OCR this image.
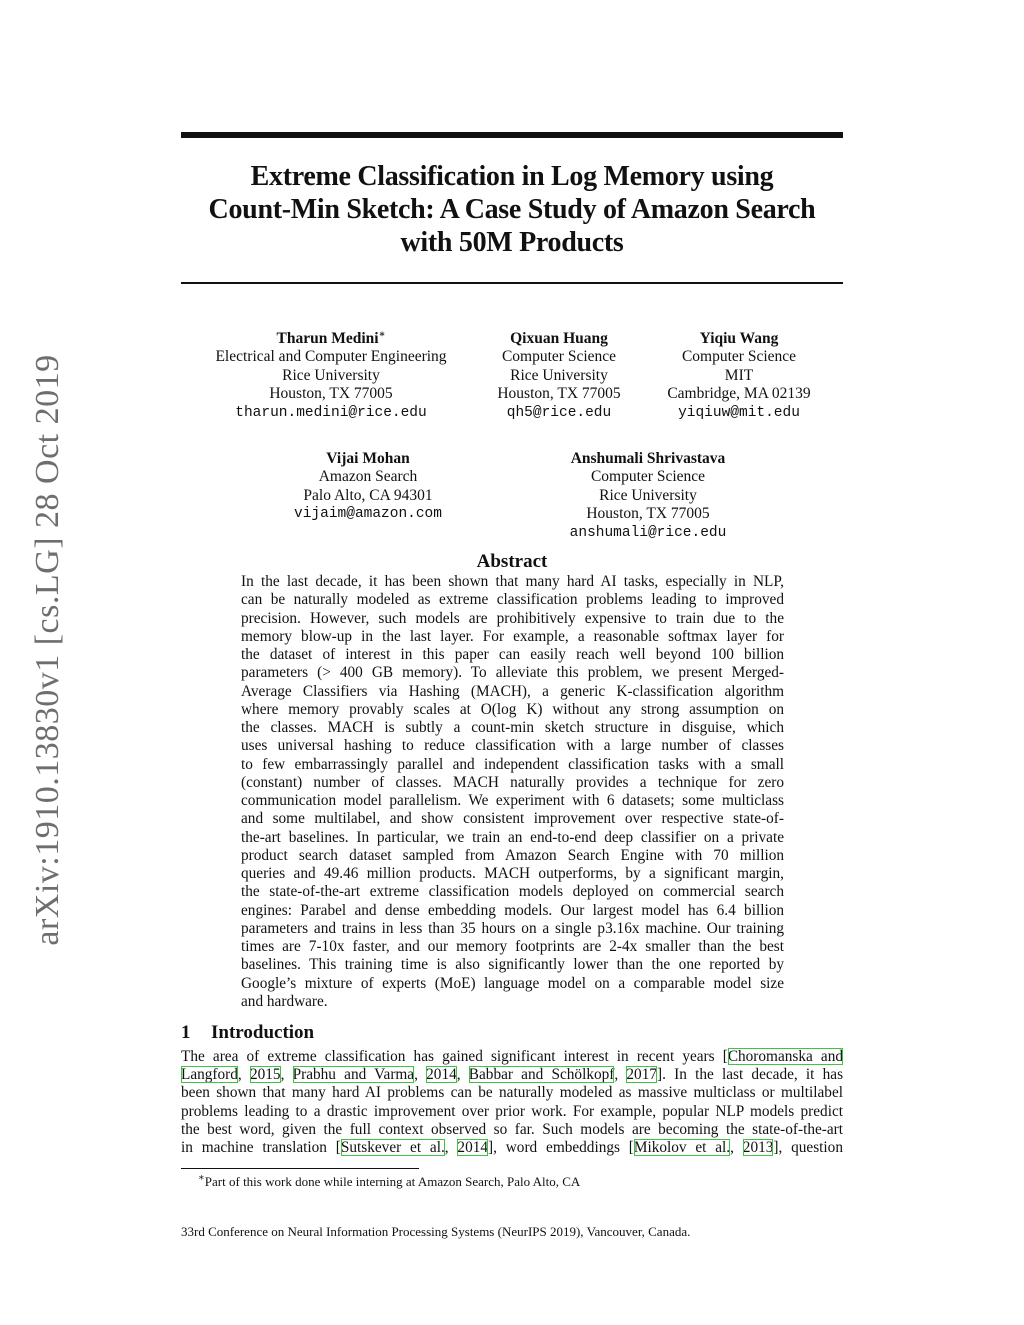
arXiv:1910.13830v1 [cs.LG] 28 Oct 2019
Extreme Classification in Log Memory using
Count-Min Sketch: A Case Study of Amazon Search
with 50M Products
Tharun Medini∗
Electrical and Computer Engineering
Rice University
Houston, TX 77005
tharun.medini@rice.edu
Qixuan Huang
Computer Science
Rice University
Houston, TX 77005
qh5@rice.edu
Yiqiu Wang
Computer Science
MIT
Cambridge, MA 02139
yiqiuw@mit.edu
Vijai Mohan
Amazon Search
Palo Alto, CA 94301
vijaim@amazon.com
Anshumali Shrivastava
Computer Science
Rice University
Houston, TX 77005
anshumali@rice.edu
Abstract
In the last decade, it has been shown that many hard AI tasks, especially in NLP,
can be naturally modeled as extreme classification problems leading to improved
precision. However, such models are prohibitively expensive to train due to the
memory blow-up in the last layer. For example, a reasonable softmax layer for
the dataset of interest in this paper can easily reach well beyond 100 billion
parameters (> 400 GB memory). To alleviate this problem, we present Merged-
Average Classifiers via Hashing (MACH), a generic K-classification algorithm
where memory provably scales at O(log K) without any strong assumption on
the classes. MACH is subtly a count-min sketch structure in disguise, which
uses universal hashing to reduce classification with a large number of classes
to few embarrassingly parallel and independent classification tasks with a small
(constant) number of classes. MACH naturally provides a technique for zero
communication model parallelism. We experiment with 6 datasets; some multiclass
and some multilabel, and show consistent improvement over respective state-of-
the-art baselines. In particular, we train an end-to-end deep classifier on a private
product search dataset sampled from Amazon Search Engine with 70 million
queries and 49.46 million products. MACH outperforms, by a significant margin,
the state-of-the-art extreme classification models deployed on commercial search
engines: Parabel and dense embedding models. Our largest model has 6.4 billion
parameters and trains in less than 35 hours on a single p3.16x machine. Our training
times are 7-10x faster, and our memory footprints are 2-4x smaller than the best
baselines. This training time is also significantly lower than the one reported by
Google’s mixture of experts (MoE) language model on a comparable model size
and hardware.
1 Introduction
The area of extreme classification has gained significant interest in recent years [Choromanska and
Langford, 2015, Prabhu and Varma, 2014, Babbar and Schölkopf, 2017]. In the last decade, it has
been shown that many hard AI problems can be naturally modeled as massive multiclass or multilabel
problems leading to a drastic improvement over prior work. For example, popular NLP models predict
the best word, given the full context observed so far. Such models are becoming the state-of-the-art
in machine translation [Sutskever et al., 2014], word embeddings [Mikolov et al., 2013], question
∗Part of this work done while interning at Amazon Search, Palo Alto, CA
33rd Conference on Neural Information Processing Systems (NeurIPS 2019), Vancouver, Canada.
